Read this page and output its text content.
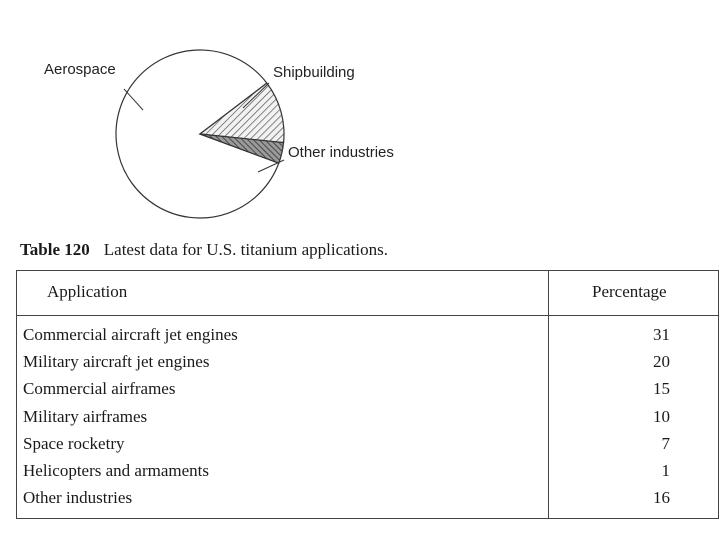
Aerospace	Shipbuilding
Other industries
Table 120 Latest data for U.S. titanium applications.
Application	Percentage
Commercial aircraft jet engines	31
Military aircraft jet engines	20
Commercial airframes	15
Military airframes	10
Space rocketry	7
Helicopters and armaments	1
Other industries	16
